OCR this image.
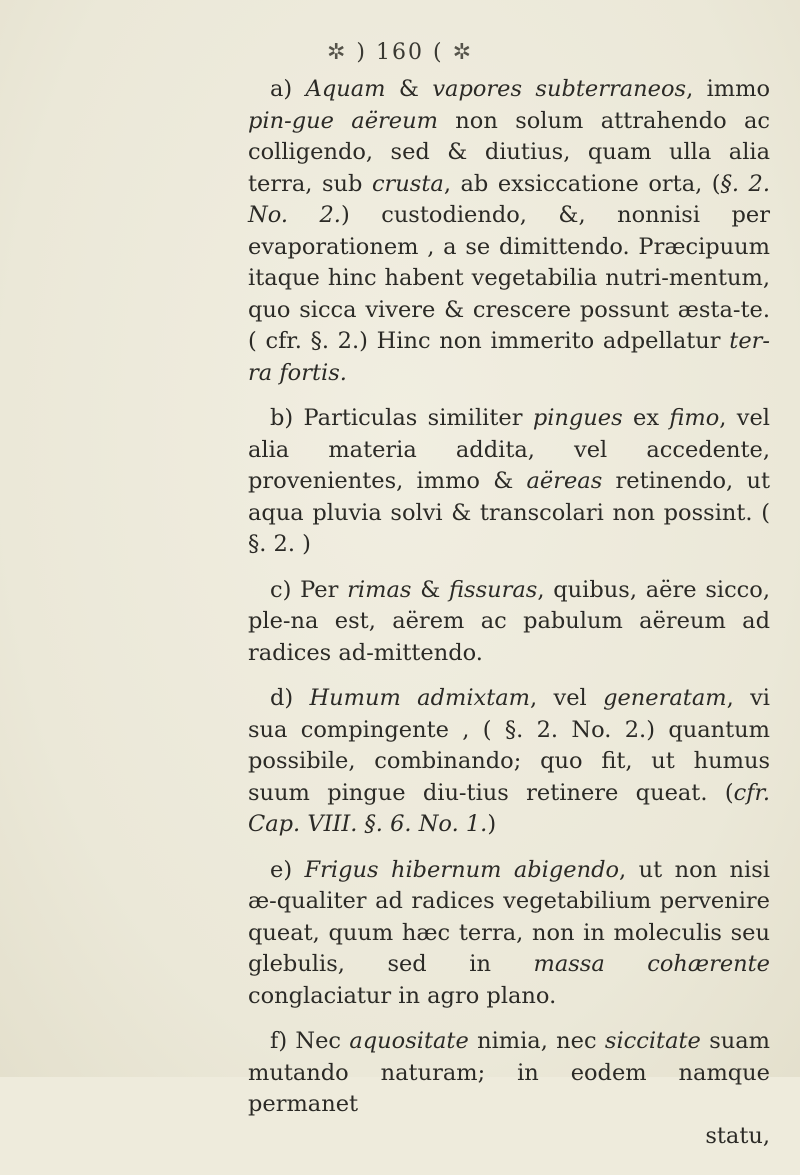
✲ ) 160 ( ✲

a) Aquam & vapores subterraneos, immo pin-gue aëreum non solum attrahendo ac colligendo, sed & diutius, quam ulla alia terra, sub crusta, ab exsiccatione orta, (§. 2. No. 2.) custodiendo, &, nonnisi per evaporationem , a se dimittendo. Præcipuum itaque hinc habent vegetabilia nutri-mentum, quo sicca vivere & crescere possunt æsta-te. ( cfr. §. 2.) Hinc non immerito adpellatur ter-ra fortis.

b) Particulas similiter pingues ex fimo, vel alia materia addita, vel accedente, provenientes, immo & aëreas retinendo, ut aqua pluvia solvi & transcolari non possint. ( §. 2. )

c) Per rimas & fissuras, quibus, aëre sicco, ple-na est, aërem ac pabulum aëreum ad radices ad-mittendo.

d) Humum admixtam, vel generatam, vi sua compingente , ( §. 2. No. 2.) quantum possibile, combinando; quo fit, ut humus suum pingue diu-tius retinere queat. (cfr. Cap. VIII. §. 6. No. 1.)

e) Frigus hibernum abigendo, ut non nisi æ-qualiter ad radices vegetabilium pervenire queat, quum hæc terra, non in moleculis seu glebulis, sed in massa cohærente conglaciatur in agro plano.

f) Nec aquositate nimia, nec siccitate suam mutando naturam; in eodem namque permanet

statu,
